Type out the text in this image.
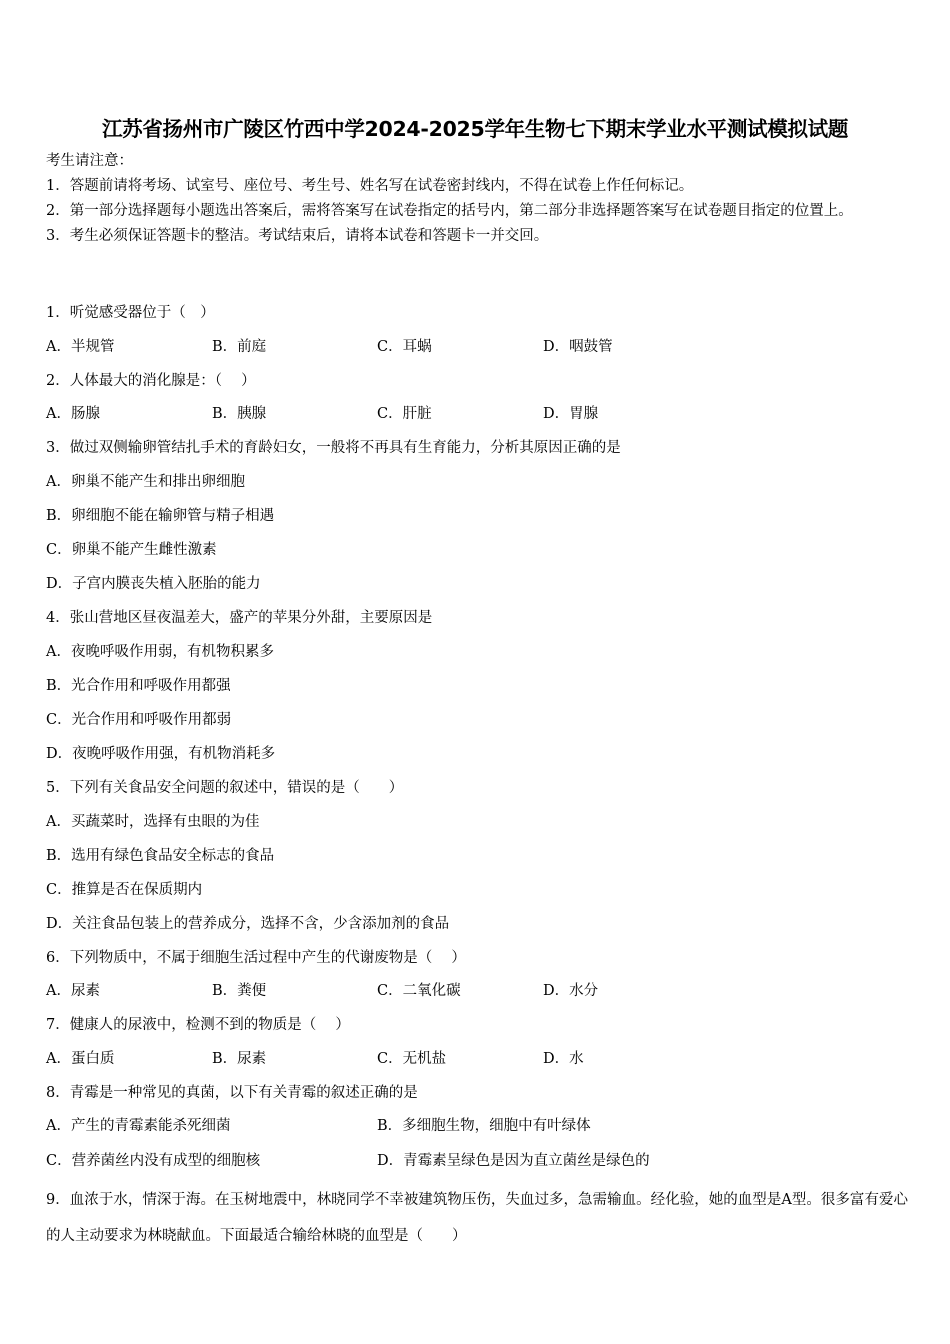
江苏省扬州市广陵区竹西中学2024-2025学年生物七下期末学业水平测试模拟试题

考生请注意：

1．答题前请将考场、试室号、座位号、考生号、姓名写在试卷密封线内，不得在试卷上作任何标记。

2．第一部分选择题每小题选出答案后，需将答案写在试卷指定的括号内，第二部分非选择题答案写在试卷题目指定的位置上。

3．考生必须保证答题卡的整洁。考试结束后，请将本试卷和答题卡一并交回。

1．听觉感受器位于（　）
A．半规管	B．前庭	C．耳蜗	D．咽鼓管
2．人体最大的消化腺是：（　 ）
A．肠腺	B．胰腺	C．肝脏	D．胃腺
3．做过双侧输卵管结扎手术的育龄妇女，一般将不再具有生育能力，分析其原因正确的是
A．卵巢不能产生和排出卵细胞
B．卵细胞不能在输卵管与精子相遇
C．卵巢不能产生雌性激素
D．子宫内膜丧失植入胚胎的能力
4．张山营地区昼夜温差大，盛产的苹果分外甜，主要原因是
A．夜晚呼吸作用弱，有机物积累多
B．光合作用和呼吸作用都强
C．光合作用和呼吸作用都弱
D．夜晚呼吸作用强，有机物消耗多
5．下列有关食品安全问题的叙述中，错误的是（　　）
A．买蔬菜时，选择有虫眼的为佳
B．选用有绿色食品安全标志的食品
C．推算是否在保质期内
D．关注食品包装上的营养成分，选择不含，少含添加剂的食品
6．下列物质中，不属于细胞生活过程中产生的代谢废物是（　 ）
A．尿素	B．粪便	C．二氧化碳	D．水分
7．健康人的尿液中，检测不到的物质是（　 ）
A．蛋白质	B．尿素	C．无机盐	D．水
8．青霉是一种常见的真菌，以下有关青霉的叙述正确的是
A．产生的青霉素能杀死细菌	B．多细胞生物，细胞中有叶绿体
C．营养菌丝内没有成型的细胞核	D．青霉素呈绿色是因为直立菌丝是绿色的
9．血浓于水，情深于海。在玉树地震中，林晓同学不幸被建筑物压伤，失血过多，急需输血。经化验，她的血型是A型。很多富有爱心的人主动要求为林晓献血。下面最适合输给林晓的血型是（　　）
